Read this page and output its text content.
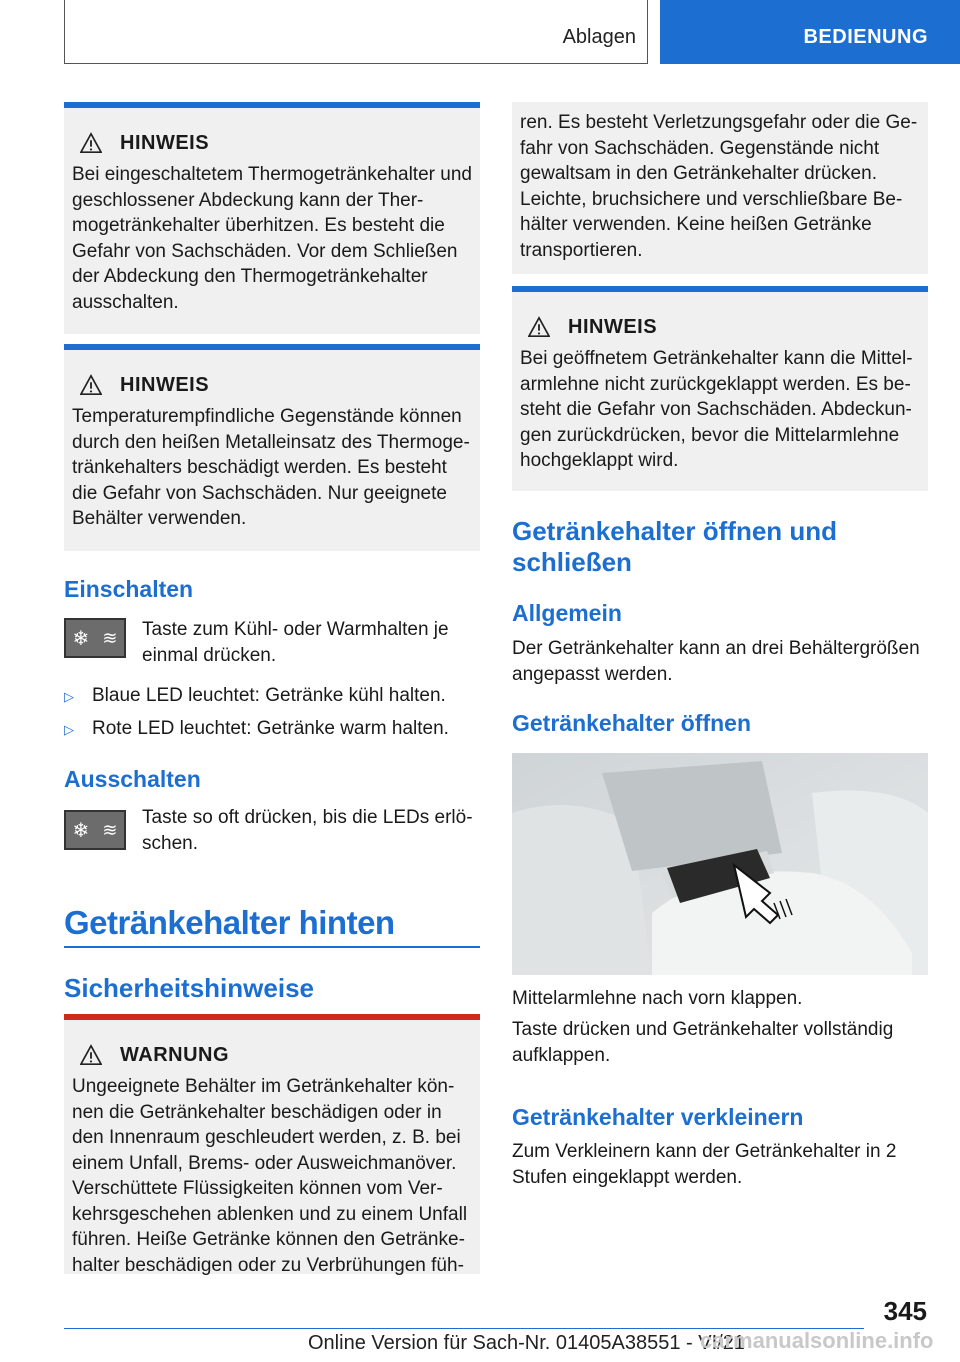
Ablagen	BEDIENUNG
HINWEIS
Bei eingeschaltetem Thermogetränkehalter und geschlossener Abdeckung kann der Thermogetränkehalter überhitzen. Es besteht die Gefahr von Sachschäden. Vor dem Schließen der Abdeckung den Thermogetränkehalter ausschalten.
HINWEIS
Temperaturempfindliche Gegenstände können durch den heißen Metalleinsatz des Thermogetränkehalters beschädigt werden. Es besteht die Gefahr von Sachschäden. Nur geeignete Behälter verwenden.
Einschalten
❄ ≋ Taste zum Kühl- oder Warmhalten je einmal drücken.
▷ Blaue LED leuchtet: Getränke kühl halten.
▷ Rote LED leuchtet: Getränke warm halten.
Ausschalten
❄ ≋
Taste so oft drücken, bis die LEDs erlöschen.
Getränkehalter hinten
Sicherheitshinweise
WARNUNG
Ungeeignete Behälter im Getränkehalter können die Getränkehalter beschädigen oder in den Innenraum geschleudert werden, z. B. bei einem Unfall, Brems- oder Ausweichmanöver. Verschüttete Flüssigkeiten können vom Verkehrsgeschehen ablenken und zu einem Unfall führen. Heiße Getränke können den Getränkehalter beschädigen oder zu Verbrühungen füh-
ren. Es besteht Verletzungsgefahr oder die Gefahr von Sachschäden. Gegenstände nicht gewaltsam in den Getränkehalter drücken. Leichte, bruchsichere und verschließbare Behälter verwenden. Keine heißen Getränke transportieren.
HINWEIS
Bei geöffnetem Getränkehalter kann die Mittelarmlehne nicht zurückgeklappt werden. Es besteht die Gefahr von Sachschäden. Abdeckungen zurückdrücken, bevor die Mittelarmlehne hochgeklappt wird.
Getränkehalter öffnen und schließen
Allgemein
Der Getränkehalter kann an drei Behältergrößen angepasst werden.
Getränkehalter öffnen
Mittelarmlehne nach vorn klappen.
Taste drücken und Getränkehalter vollständig aufklappen.
Getränkehalter verkleinern
Zum Verkleinern kann der Getränkehalter in 2 Stufen eingeklappt werden.
345
Online Version für Sach-Nr. 01405A38551 - VI/21
carmanualsonline.info
